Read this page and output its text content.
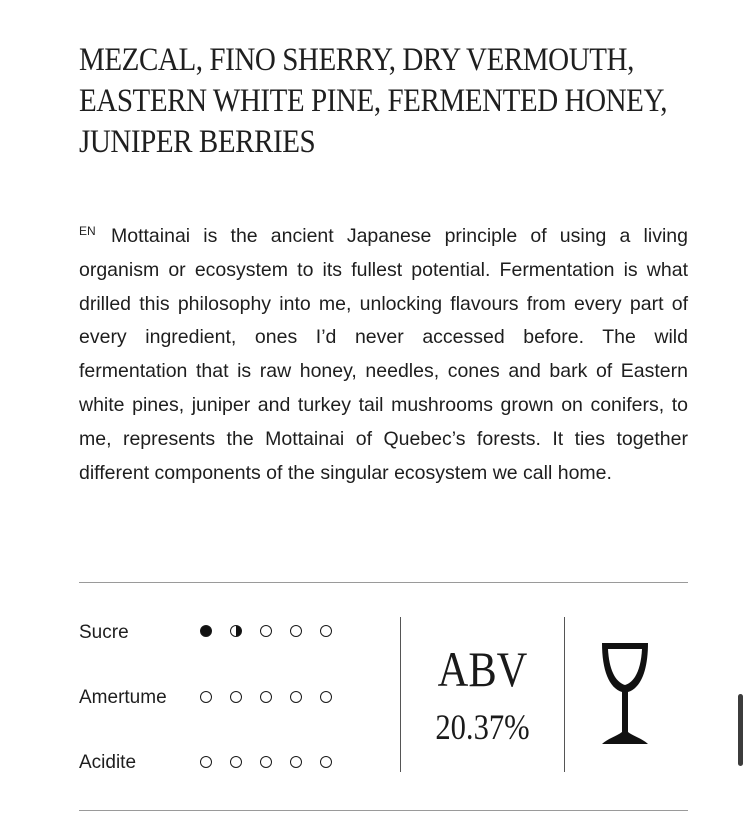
MEZCAL, FINO SHERRY, DRY VERMOUTH,
EASTERN WHITE PINE, FERMENTED HONEY,
JUNIPER BERRIES
EN Mottainai is the ancient Japanese principle of using a living organism or ecosystem to its fullest potential. Fermentation is what drilled this philosophy into me, unlocking flavours from every part of every ingredient, ones I’d never accessed before. The wild fermentation that is raw honey, needles, cones and bark of Eastern white pines, juniper and turkey tail mushrooms grown on conifers, to me, represents the Mottainai of Quebec’s forests. It ties together different components of the singular ecosystem we call home.

Sucre
Amertume
Acidite
ABV
20.37%
